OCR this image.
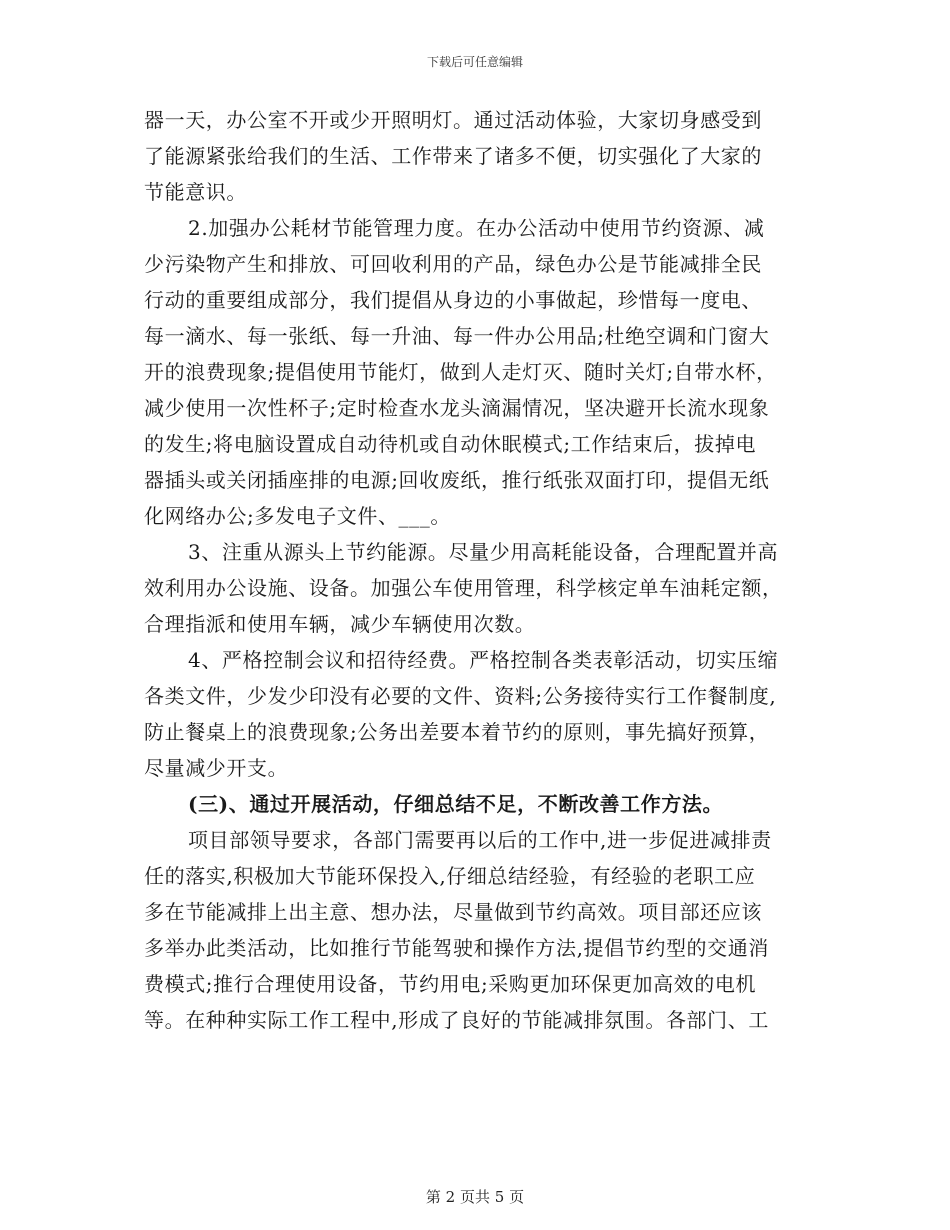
下载后可任意编辑
器一天，办公室不开或少开照明灯。通过活动体验，大家切身感受到
了能源紧张给我们的生活、工作带来了诸多不便，切实强化了大家的
节能意识。
2.加强办公耗材节能管理力度。在办公活动中使用节约资源、减
少污染物产生和排放、可回收利用的产品，绿色办公是节能减排全民
行动的重要组成部分，我们提倡从身边的小事做起，珍惜每一度电、
每一滴水、每一张纸、每一升油、每一件办公用品;杜绝空调和门窗大
开的浪费现象;提倡使用节能灯，做到人走灯灭、随时关灯;自带水杯，
减少使用一次性杯子;定时检查水龙头滴漏情况，坚决避开长流水现象
的发生;将电脑设置成自动待机或自动休眠模式;工作结束后，拔掉电
器插头或关闭插座排的电源;回收废纸，推行纸张双面打印，提倡无纸
化网络办公;多发电子文件、___。
3、注重从源头上节约能源。尽量少用高耗能设备，合理配置并高
效利用办公设施、设备。加强公车使用管理，科学核定单车油耗定额，
合理指派和使用车辆，减少车辆使用次数。
4、严格控制会议和招待经费。严格控制各类表彰活动，切实压缩
各类文件，少发少印没有必要的文件、资料;公务接待实行工作餐制度,
防止餐桌上的浪费现象;公务出差要本着节约的原则，事先搞好预算，
尽量减少开支。
(三)、通过开展活动，仔细总结不足，不断改善工作方法。
项目部领导要求，各部门需要再以后的工作中,进一步促进减排责
任的落实,积极加大节能环保投入,仔细总结经验，有经验的老职工应
多在节能减排上出主意、想办法，尽量做到节约高效。项目部还应该
多举办此类活动，比如推行节能驾驶和操作方法,提倡节约型的交通消
费模式;推行合理使用设备，节约用电;采购更加环保更加高效的电机
等。在种种实际工作工程中,形成了良好的节能减排氛围。各部门、工
第 2 页共 5 页
